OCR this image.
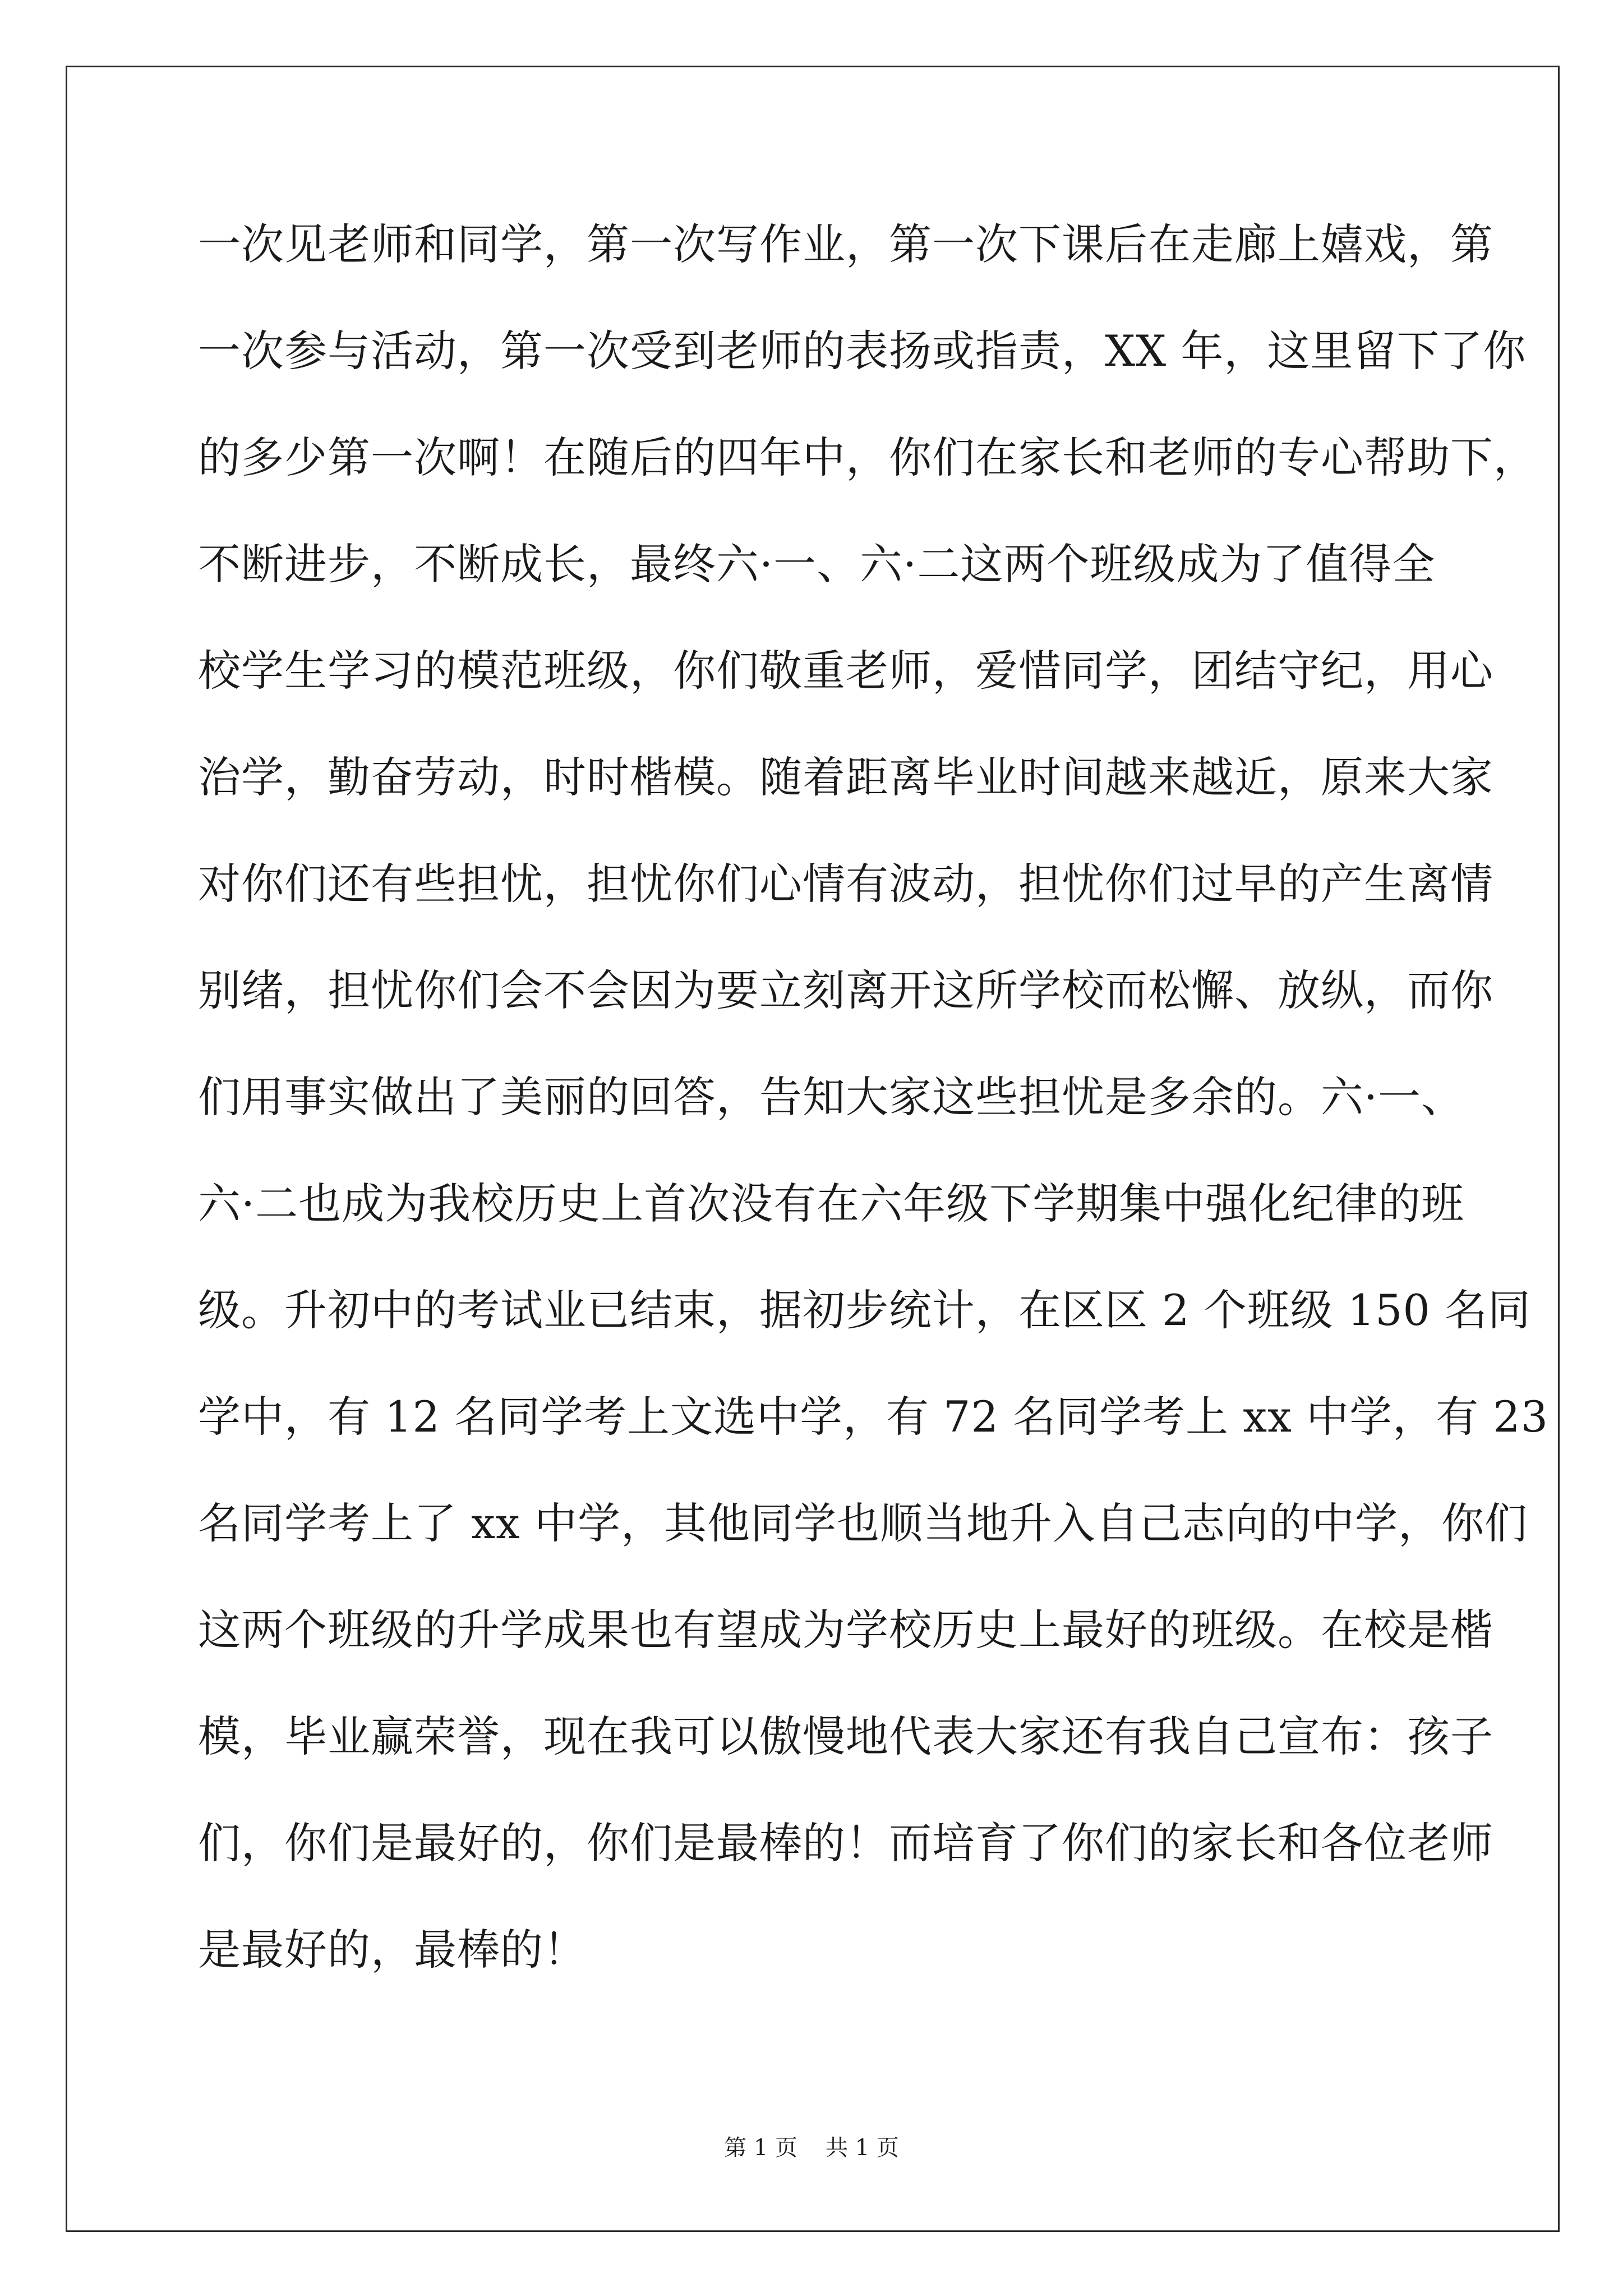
一次见老师和同学，第一次写作业，第一次下课后在走廊上嬉戏，第
一次参与活动，第一次受到老师的表扬或指责，XX 年，这里留下了你
的多少第一次啊！在随后的四年中，你们在家长和老师的专心帮助下，
不断进步，不断成长，最终六·一、六·二这两个班级成为了值得全
校学生学习的模范班级，你们敬重老师，爱惜同学，团结守纪，用心
治学，勤奋劳动，时时楷模。随着距离毕业时间越来越近，原来大家
对你们还有些担忧，担忧你们心情有波动，担忧你们过早的产生离情
别绪，担忧你们会不会因为要立刻离开这所学校而松懈、放纵，而你
们用事实做出了美丽的回答，告知大家这些担忧是多余的。六·一、
六·二也成为我校历史上首次没有在六年级下学期集中强化纪律的班
级。升初中的考试业已结束，据初步统计，在区区 2 个班级 150 名同
学中，有 12 名同学考上文选中学，有 72 名同学考上 xx 中学，有 23
名同学考上了 xx 中学，其他同学也顺当地升入自己志向的中学，你们
这两个班级的升学成果也有望成为学校历史上最好的班级。在校是楷
模，毕业赢荣誉，现在我可以傲慢地代表大家还有我自己宣布：孩子
们，你们是最好的，你们是最棒的！而培育了你们的家长和各位老师
是最好的，最棒的！
第 1 页 共 1 页
